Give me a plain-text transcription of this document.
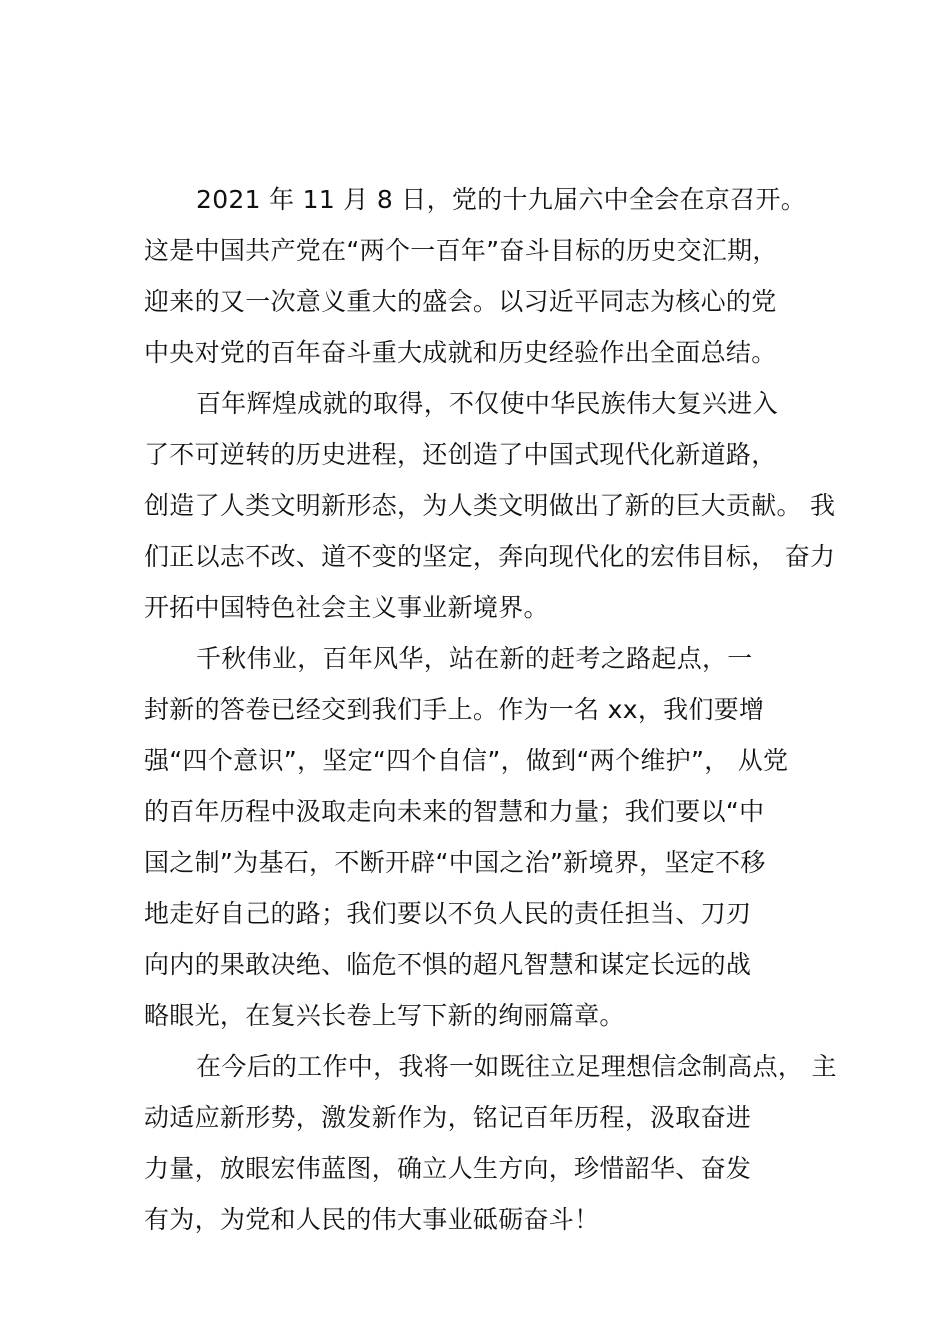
2021 年 11 月 8 日，党的十九届六中全会在京召开。
这是中国共产党在“两个一百年”奋斗目标的历史交汇期，
迎来的又一次意义重大的盛会。以习近平同志为核心的党
中央对党的百年奋斗重大成就和历史经验作出全面总结。
百年辉煌成就的取得，不仅使中华民族伟大复兴进入
了不可逆转的历史进程，还创造了中国式现代化新道路，
创造了人类文明新形态，为人类文明做出了新的巨大贡献。 我
们正以志不改、道不变的坚定，奔向现代化的宏伟目标， 奋力
开拓中国特色社会主义事业新境界。
千秋伟业，百年风华，站在新的赶考之路起点，一
封新的答卷已经交到我们手上。作为一名 xx，我们要增
强“四个意识”，坚定“四个自信”，做到“两个维护”， 从党
的百年历程中汲取走向未来的智慧和力量；我们要以“中
国之制”为基石，不断开辟“中国之治”新境界，坚定不移
地走好自己的路；我们要以不负人民的责任担当、刀刃
向内的果敢决绝、临危不惧的超凡智慧和谋定长远的战
略眼光，在复兴长卷上写下新的绚丽篇章。
在今后的工作中，我将一如既往立足理想信念制高点， 主
动适应新形势，激发新作为，铭记百年历程，汲取奋进
力量，放眼宏伟蓝图，确立人生方向，珍惜韶华、奋发
有为，为党和人民的伟大事业砥砺奋斗！
